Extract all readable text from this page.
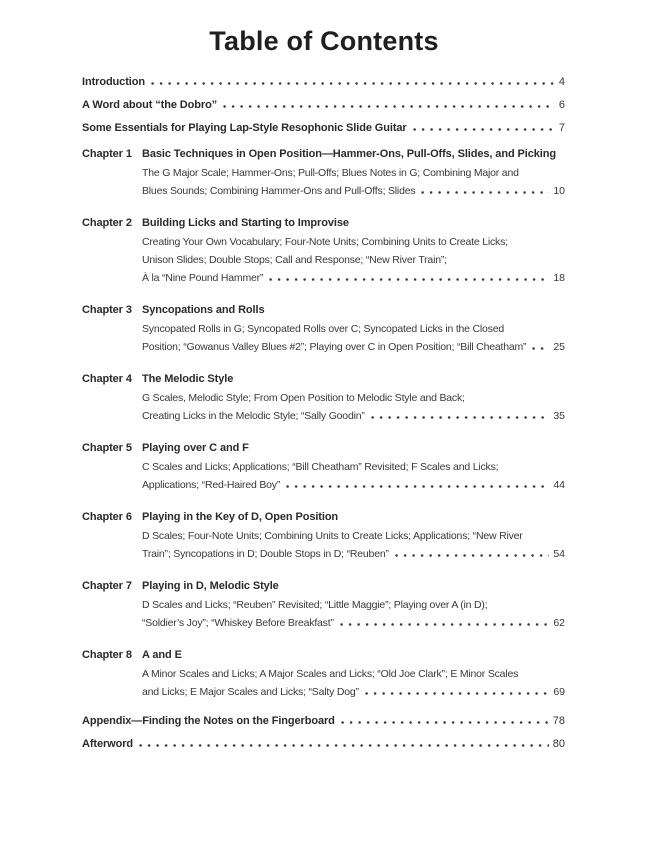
Table of Contents
Introduction	4
A Word about “the Dobro”	6
Some Essentials for Playing Lap-Style Resophonic Slide Guitar	7
Chapter 1 Basic Techniques in Open Position—Hammer-Ons, Pull-Offs, Slides, and Picking
The G Major Scale; Hammer-Ons; Pull-Offs; Blues Notes in G; Combining Major and
Blues Sounds; Combining Hammer-Ons and Pull-Offs; Slides	10
Chapter 2 Building Licks and Starting to Improvise
Creating Your Own Vocabulary; Four-Note Units; Combining Units to Create Licks;
Unison Slides; Double Stops; Call and Response; “New River Train”;
À la “Nine Pound Hammer”	18
Chapter 3 Syncopations and Rolls
Syncopated Rolls in G; Syncopated Rolls over C; Syncopated Licks in the Closed
Position; “Gowanus Valley Blues #2”; Playing over C in Open Position; “Bill Cheatham”	25
Chapter 4 The Melodic Style
G Scales, Melodic Style; From Open Position to Melodic Style and Back;
Creating Licks in the Melodic Style; “Sally Goodin”	35
Chapter 5 Playing over C and F
C Scales and Licks; Applications; “Bill Cheatham” Revisited; F Scales and Licks;
Applications; “Red-Haired Boy”	44
Chapter 6 Playing in the Key of D, Open Position
D Scales; Four-Note Units; Combining Units to Create Licks; Applications; “New River
Train”; Syncopations in D; Double Stops in D; “Reuben”	54
Chapter 7 Playing in D, Melodic Style
D Scales and Licks; “Reuben” Revisited; “Little Maggie”; Playing over A (in D);
“Soldier’s Joy”; “Whiskey Before Breakfast”	62
Chapter 8 A and E
A Minor Scales and Licks; A Major Scales and Licks; “Old Joe Clark”; E Minor Scales
and Licks; E Major Scales and Licks; “Salty Dog”	69
Appendix—Finding the Notes on the Fingerboard	78
Afterword	80
